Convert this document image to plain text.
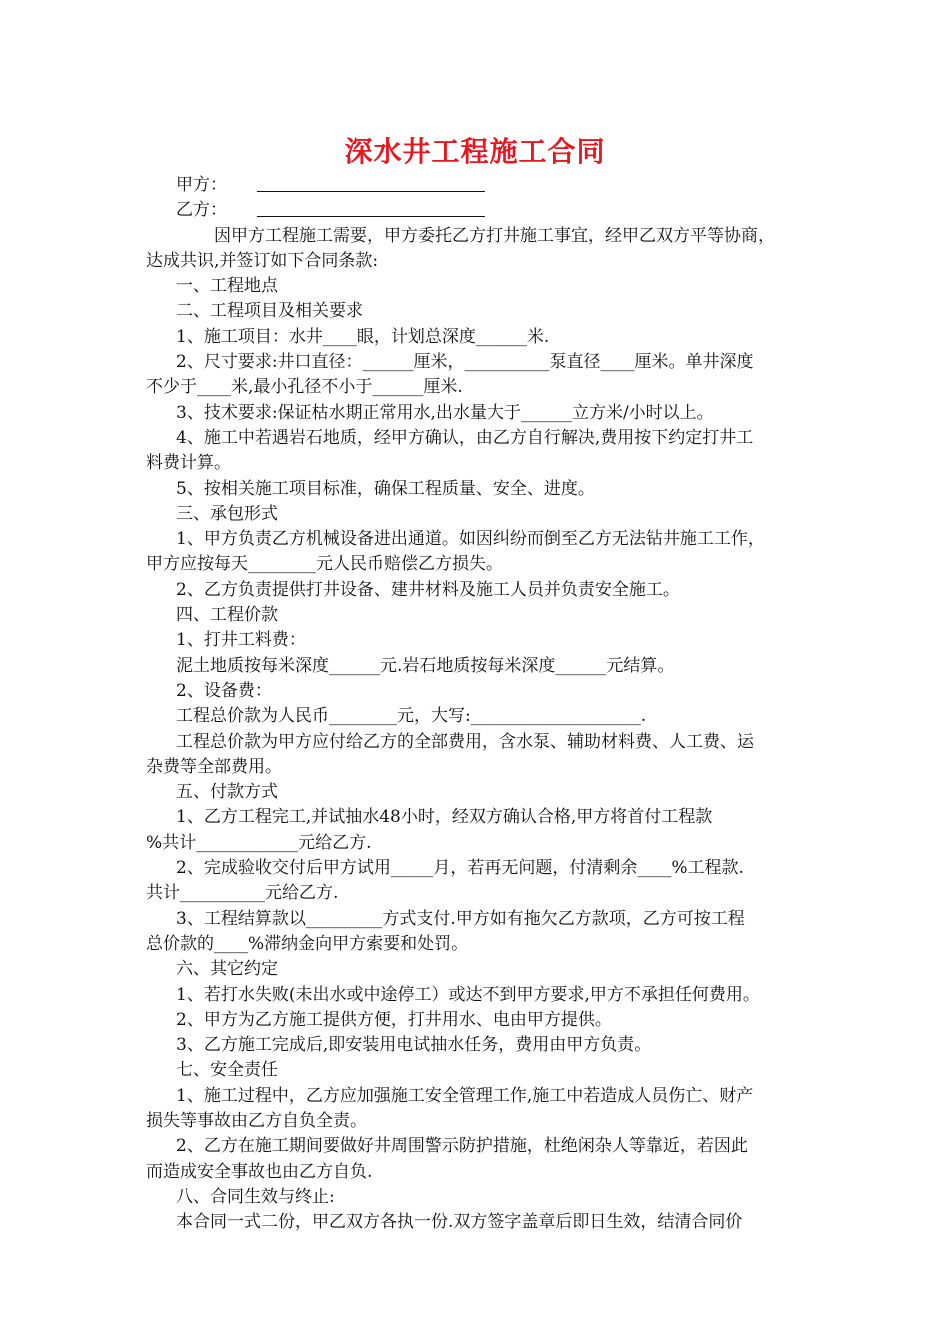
深水井工程施工合同
甲方：
乙方：
因甲方工程施工需要，甲方委托乙方打井施工事宜，经甲乙双方平等协商，
达成共识,并签订如下合同条款:
一、工程地点
二、工程项目及相关要求
1、施工项目：水井____眼，计划总深度______米.
2、尺寸要求:井口直径：______厘米，__________泵直径____厘米。单井深度
不少于____米,最小孔径不小于______厘米.
3、技术要求:保证枯水期正常用水,出水量大于______立方米/小时以上。
4、施工中若遇岩石地质，经甲方确认，由乙方自行解决,费用按下约定打井工
料费计算。
5、按相关施工项目标准，确保工程质量、安全、进度。
三、承包形式
1、甲方负责乙方机械设备进出通道。如因纠纷而倒至乙方无法钻井施工工作，
甲方应按每天________元人民币赔偿乙方损失。
2、乙方负责提供打井设备、建井材料及施工人员并负责安全施工。
四、工程价款
1、打井工料费：
泥土地质按每米深度______元.岩石地质按每米深度______元结算。
2、设备费：
工程总价款为人民币________元，大写:____________________.
工程总价款为甲方应付给乙方的全部费用，含水泵、辅助材料费、人工费、运
杂费等全部费用。
五、付款方式
1、乙方工程完工,并试抽水48小时，经双方确认合格,甲方将首付工程款
%共计____________元给乙方.
2、完成验收交付后甲方试用_____月，若再无问题，付清剩余____%工程款.
共计__________元给乙方.
3、工程结算款以_________方式支付.甲方如有拖欠乙方款项，乙方可按工程
总价款的____%滞纳金向甲方索要和处罚。
六、其它约定
1、若打水失败(未出水或中途停工）或达不到甲方要求,甲方不承担任何费用。
2、甲方为乙方施工提供方便，打井用水、电由甲方提供。
3、乙方施工完成后,即安装用电试抽水任务，费用由甲方负责。
七、安全责任
1、施工过程中，乙方应加强施工安全管理工作,施工中若造成人员伤亡、财产
损失等事故由乙方自负全责。
2、乙方在施工期间要做好井周围警示防护措施，杜绝闲杂人等靠近，若因此
而造成安全事故也由乙方自负.
八、合同生效与终止:
本合同一式二份，甲乙双方各执一份.双方签字盖章后即日生效，结清合同价
